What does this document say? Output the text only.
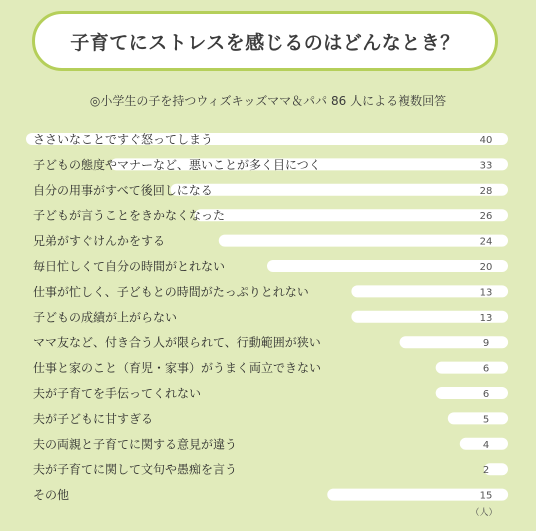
子育てにストレスを感じるのはどんなとき？
◎小学生の子を持つウィズキッズママ＆パパ 86 人による複数回答
ささいなことですぐ怒ってしまう	40
子どもの態度やマナーなど、悪いことが多く目につく	33
自分の用事がすべて後回しになる	28
子どもが言うことをきかなくなった	26
兄弟がすぐけんかをする	24
毎日忙しくて自分の時間がとれない	20
仕事が忙しく、子どもとの時間がたっぷりとれない	13
子どもの成績が上がらない	13
ママ友など、付き合う人が限られて、行動範囲が狭い	9
仕事と家のこと（育児・家事）がうまく両立できない	6
夫が子育てを手伝ってくれない	6
夫が子どもに甘すぎる	5
夫の両親と子育てに関する意見が違う	4
夫が子育てに関して文句や愚痴を言う	2
その他	15
（人）
